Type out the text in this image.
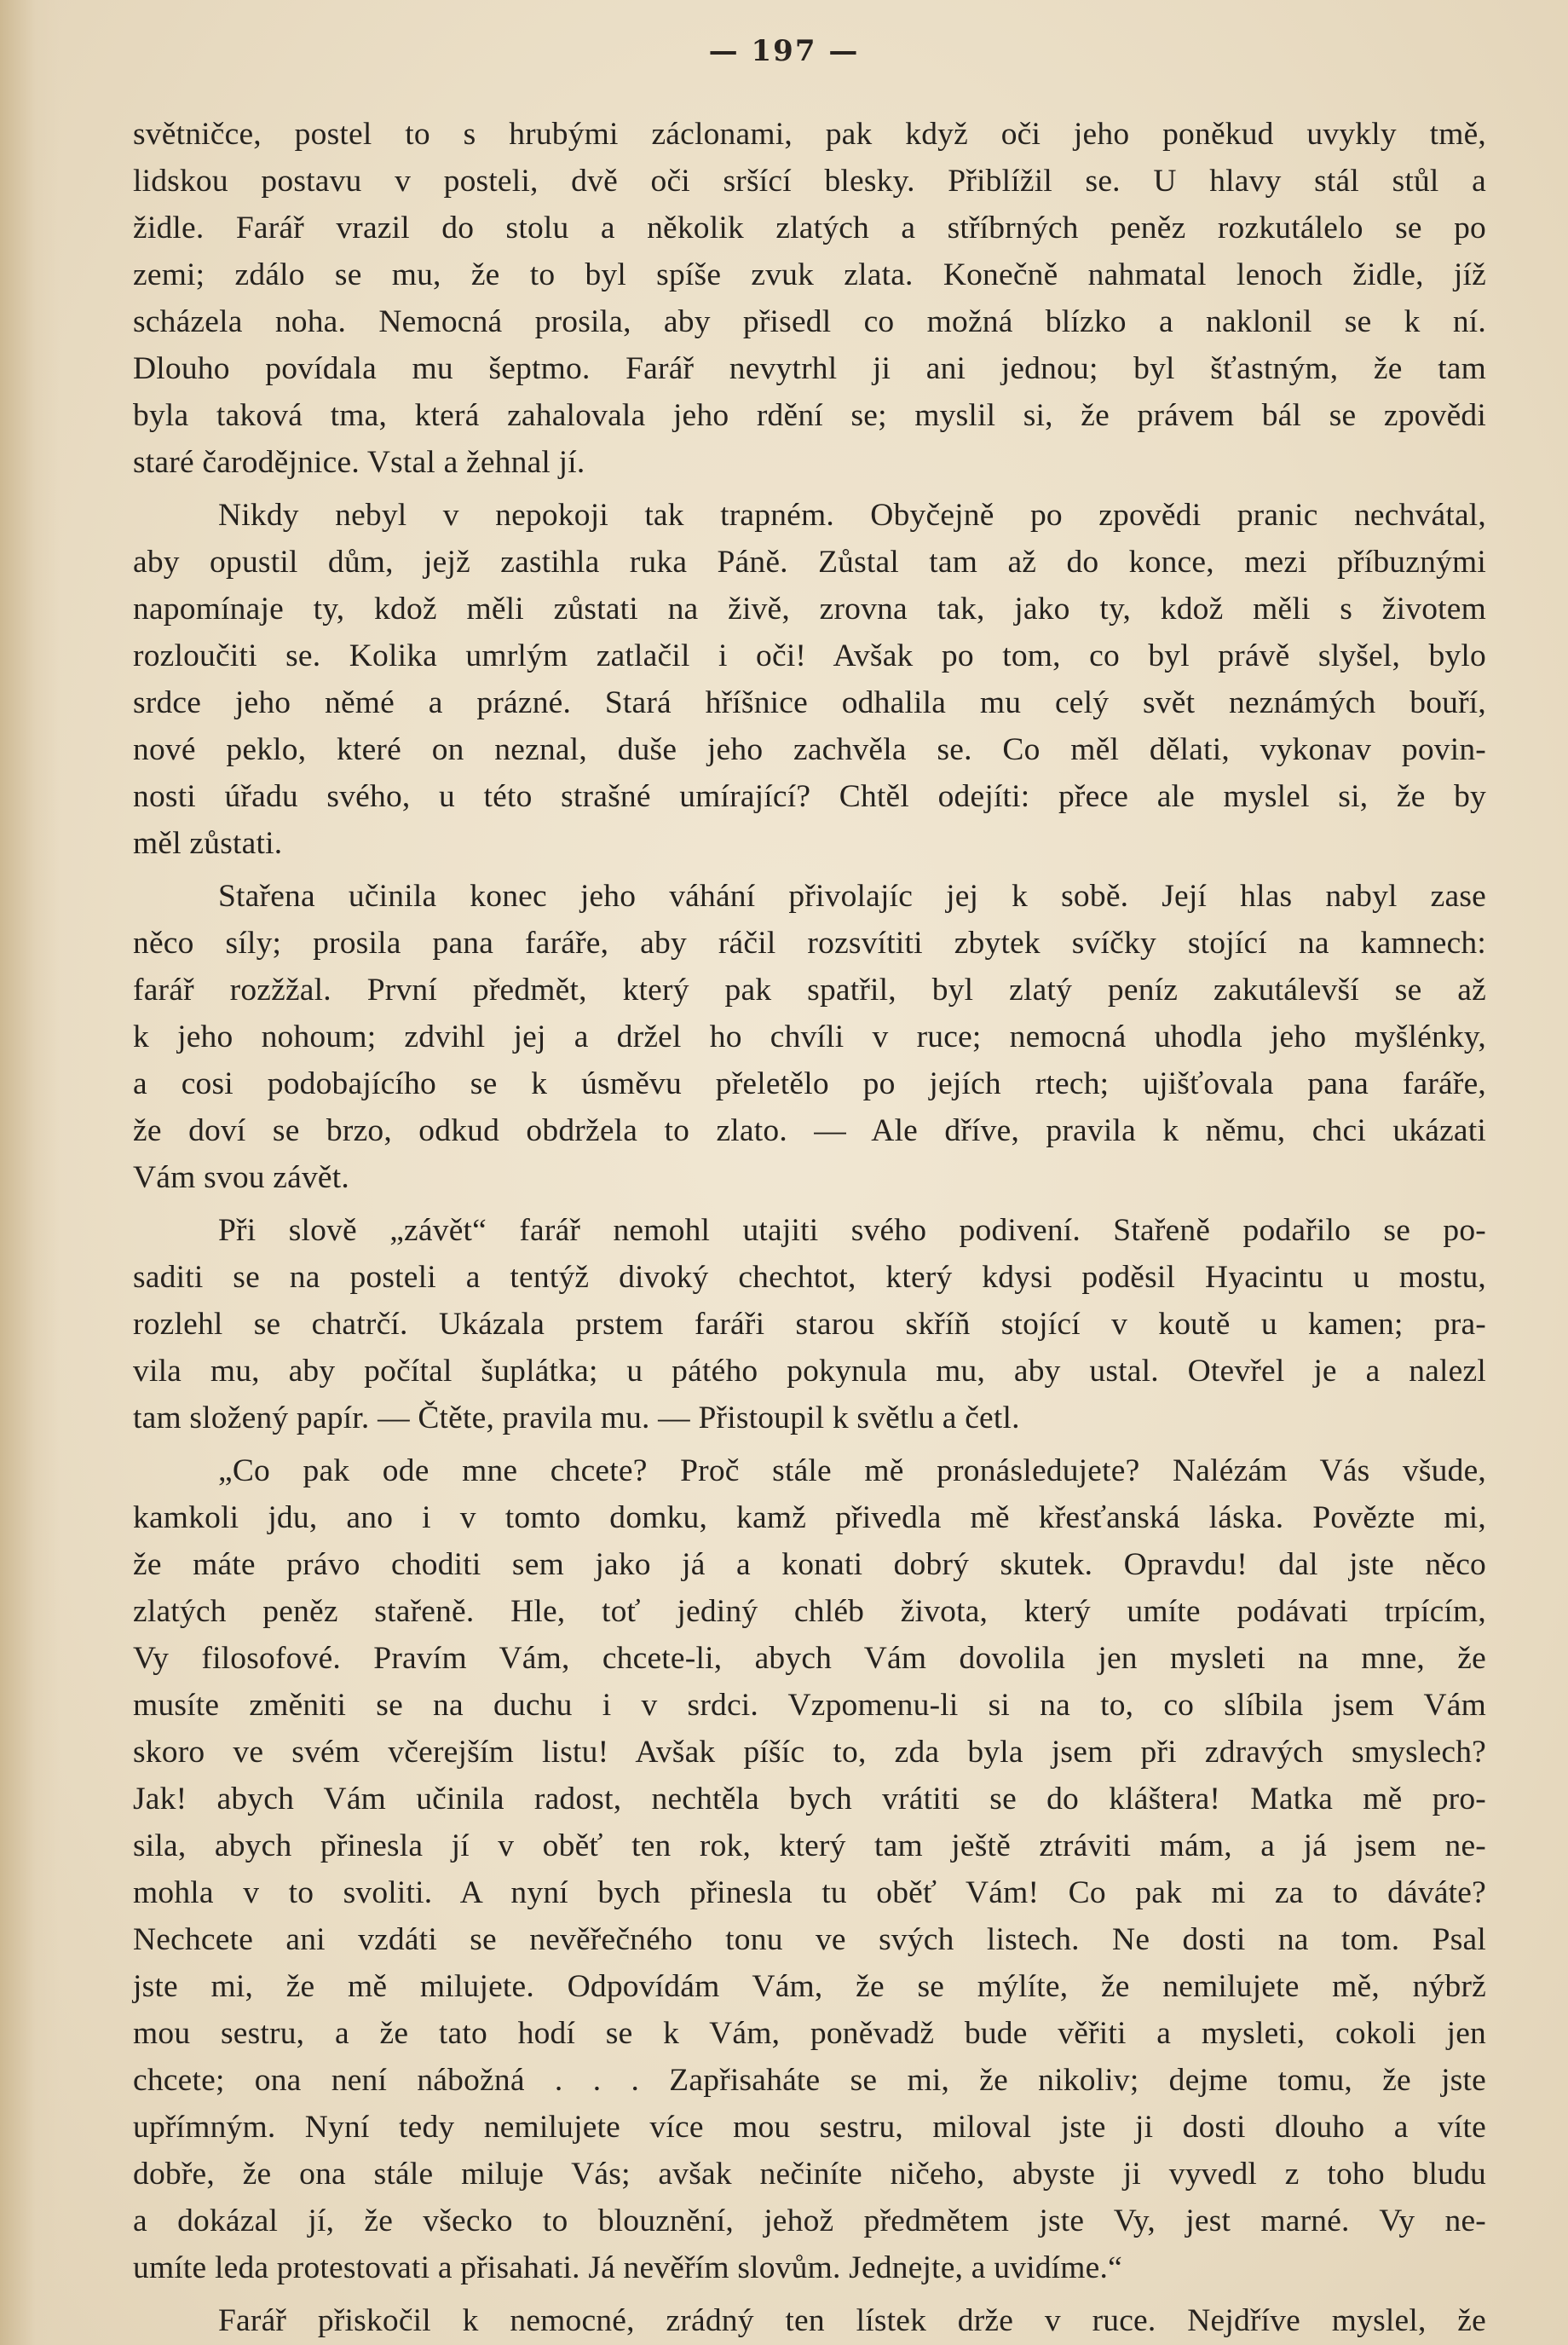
— 197 —
světničce, postel to s hrubými záclonami, pak když oči jeho poněkud uvykly tmě,
lidskou postavu v posteli, dvě oči sršící blesky. Přiblížil se. U hlavy stál stůl a
židle. Farář vrazil do stolu a několik zlatých a stříbrných peněz rozkutálelo se po
zemi; zdálo se mu, že to byl spíše zvuk zlata. Konečně nahmatal lenoch židle, jíž
scházela noha. Nemocná prosila, aby přisedl co možná blízko a naklonil se k ní.
Dlouho povídala mu šeptmo. Farář nevytrhl ji ani jednou; byl šťastným, že tam
byla taková tma, která zahalovala jeho rdění se; myslil si, že právem bál se zpovědi
staré čarodějnice. Vstal a žehnal jí.
Nikdy nebyl v nepokoji tak trapném. Obyčejně po zpovědi pranic nechvátal,
aby opustil dům, jejž zastihla ruka Páně. Zůstal tam až do konce, mezi příbuznými
napomínaje ty, kdož měli zůstati na živě, zrovna tak, jako ty, kdož měli s životem
rozloučiti se. Kolika umrlým zatlačil i oči! Avšak po tom, co byl právě slyšel, bylo
srdce jeho němé a prázné. Stará hříšnice odhalila mu celý svět neznámých bouří,
nové peklo, které on neznal, duše jeho zachvěla se. Co měl dělati, vykonav povin-
nosti úřadu svého, u této strašné umírající? Chtěl odejíti: přece ale myslel si, že by
měl zůstati.
Stařena učinila konec jeho váhání přivolajíc jej k sobě. Její hlas nabyl zase
něco síly; prosila pana faráře, aby ráčil rozsvítiti zbytek svíčky stojící na kamnech:
farář rozžžal. První předmět, který pak spatřil, byl zlatý peníz zakutálevší se až
k jeho nohoum; zdvihl jej a držel ho chvíli v ruce; nemocná uhodla jeho myšlénky,
a cosi podobajícího se k úsměvu přeletělo po jejích rtech; ujišťovala pana faráře,
že doví se brzo, odkud obdržela to zlato. — Ale dříve, pravila k němu, chci ukázati
Vám svou závět.
Při slově „závět“ farář nemohl utajiti svého podivení. Stařeně podařilo se po-
saditi se na posteli a tentýž divoký chechtot, který kdysi poděsil Hyacintu u mostu,
rozlehl se chatrčí. Ukázala prstem faráři starou skříň stojící v koutě u kamen; pra-
vila mu, aby počítal šuplátka; u pátého pokynula mu, aby ustal. Otevřel je a nalezl
tam složený papír. — Čtěte, pravila mu. — Přistoupil k světlu a četl.
„Co pak ode mne chcete? Proč stále mě pronásledujete? Nalézám Vás všude,
kamkoli jdu, ano i v tomto domku, kamž přivedla mě křesťanská láska. Povězte mi,
že máte právo choditi sem jako já a konati dobrý skutek. Opravdu! dal jste něco
zlatých peněz stařeně. Hle, toť jediný chléb života, který umíte podávati trpícím,
Vy filosofové. Pravím Vám, chcete-li, abych Vám dovolila jen mysleti na mne, že
musíte změniti se na duchu i v srdci. Vzpomenu-li si na to, co slíbila jsem Vám
skoro ve svém včerejším listu! Avšak píšíc to, zda byla jsem při zdravých smyslech?
Jak! abych Vám učinila radost, nechtěla bych vrátiti se do kláštera! Matka mě pro-
sila, abych přinesla jí v oběť ten rok, který tam ještě ztráviti mám, a já jsem ne-
mohla v to svoliti. A nyní bych přinesla tu oběť Vám! Co pak mi za to dáváte?
Nechcete ani vzdáti se nevěřečného tonu ve svých listech. Ne dosti na tom. Psal
jste mi, že mě milujete. Odpovídám Vám, že se mýlíte, že nemilujete mě, nýbrž
mou sestru, a že tato hodí se k Vám, poněvadž bude věřiti a mysleti, cokoli jen
chcete; ona není nábožná . . . Zapřisaháte se mi, že nikoliv; dejme tomu, že jste
upřímným. Nyní tedy nemilujete více mou sestru, miloval jste ji dosti dlouho a víte
dobře, že ona stále miluje Vás; avšak nečiníte ničeho, abyste ji vyvedl z toho bludu
a dokázal jí, že všecko to blouznění, jehož předmětem jste Vy, jest marné. Vy ne-
umíte leda protestovati a přisahati. Já nevěřím slovům. Jednejte, a uvidíme.“
Farář přiskočil k nemocné, zrádný ten lístek drže v ruce. Nejdříve myslel, že
